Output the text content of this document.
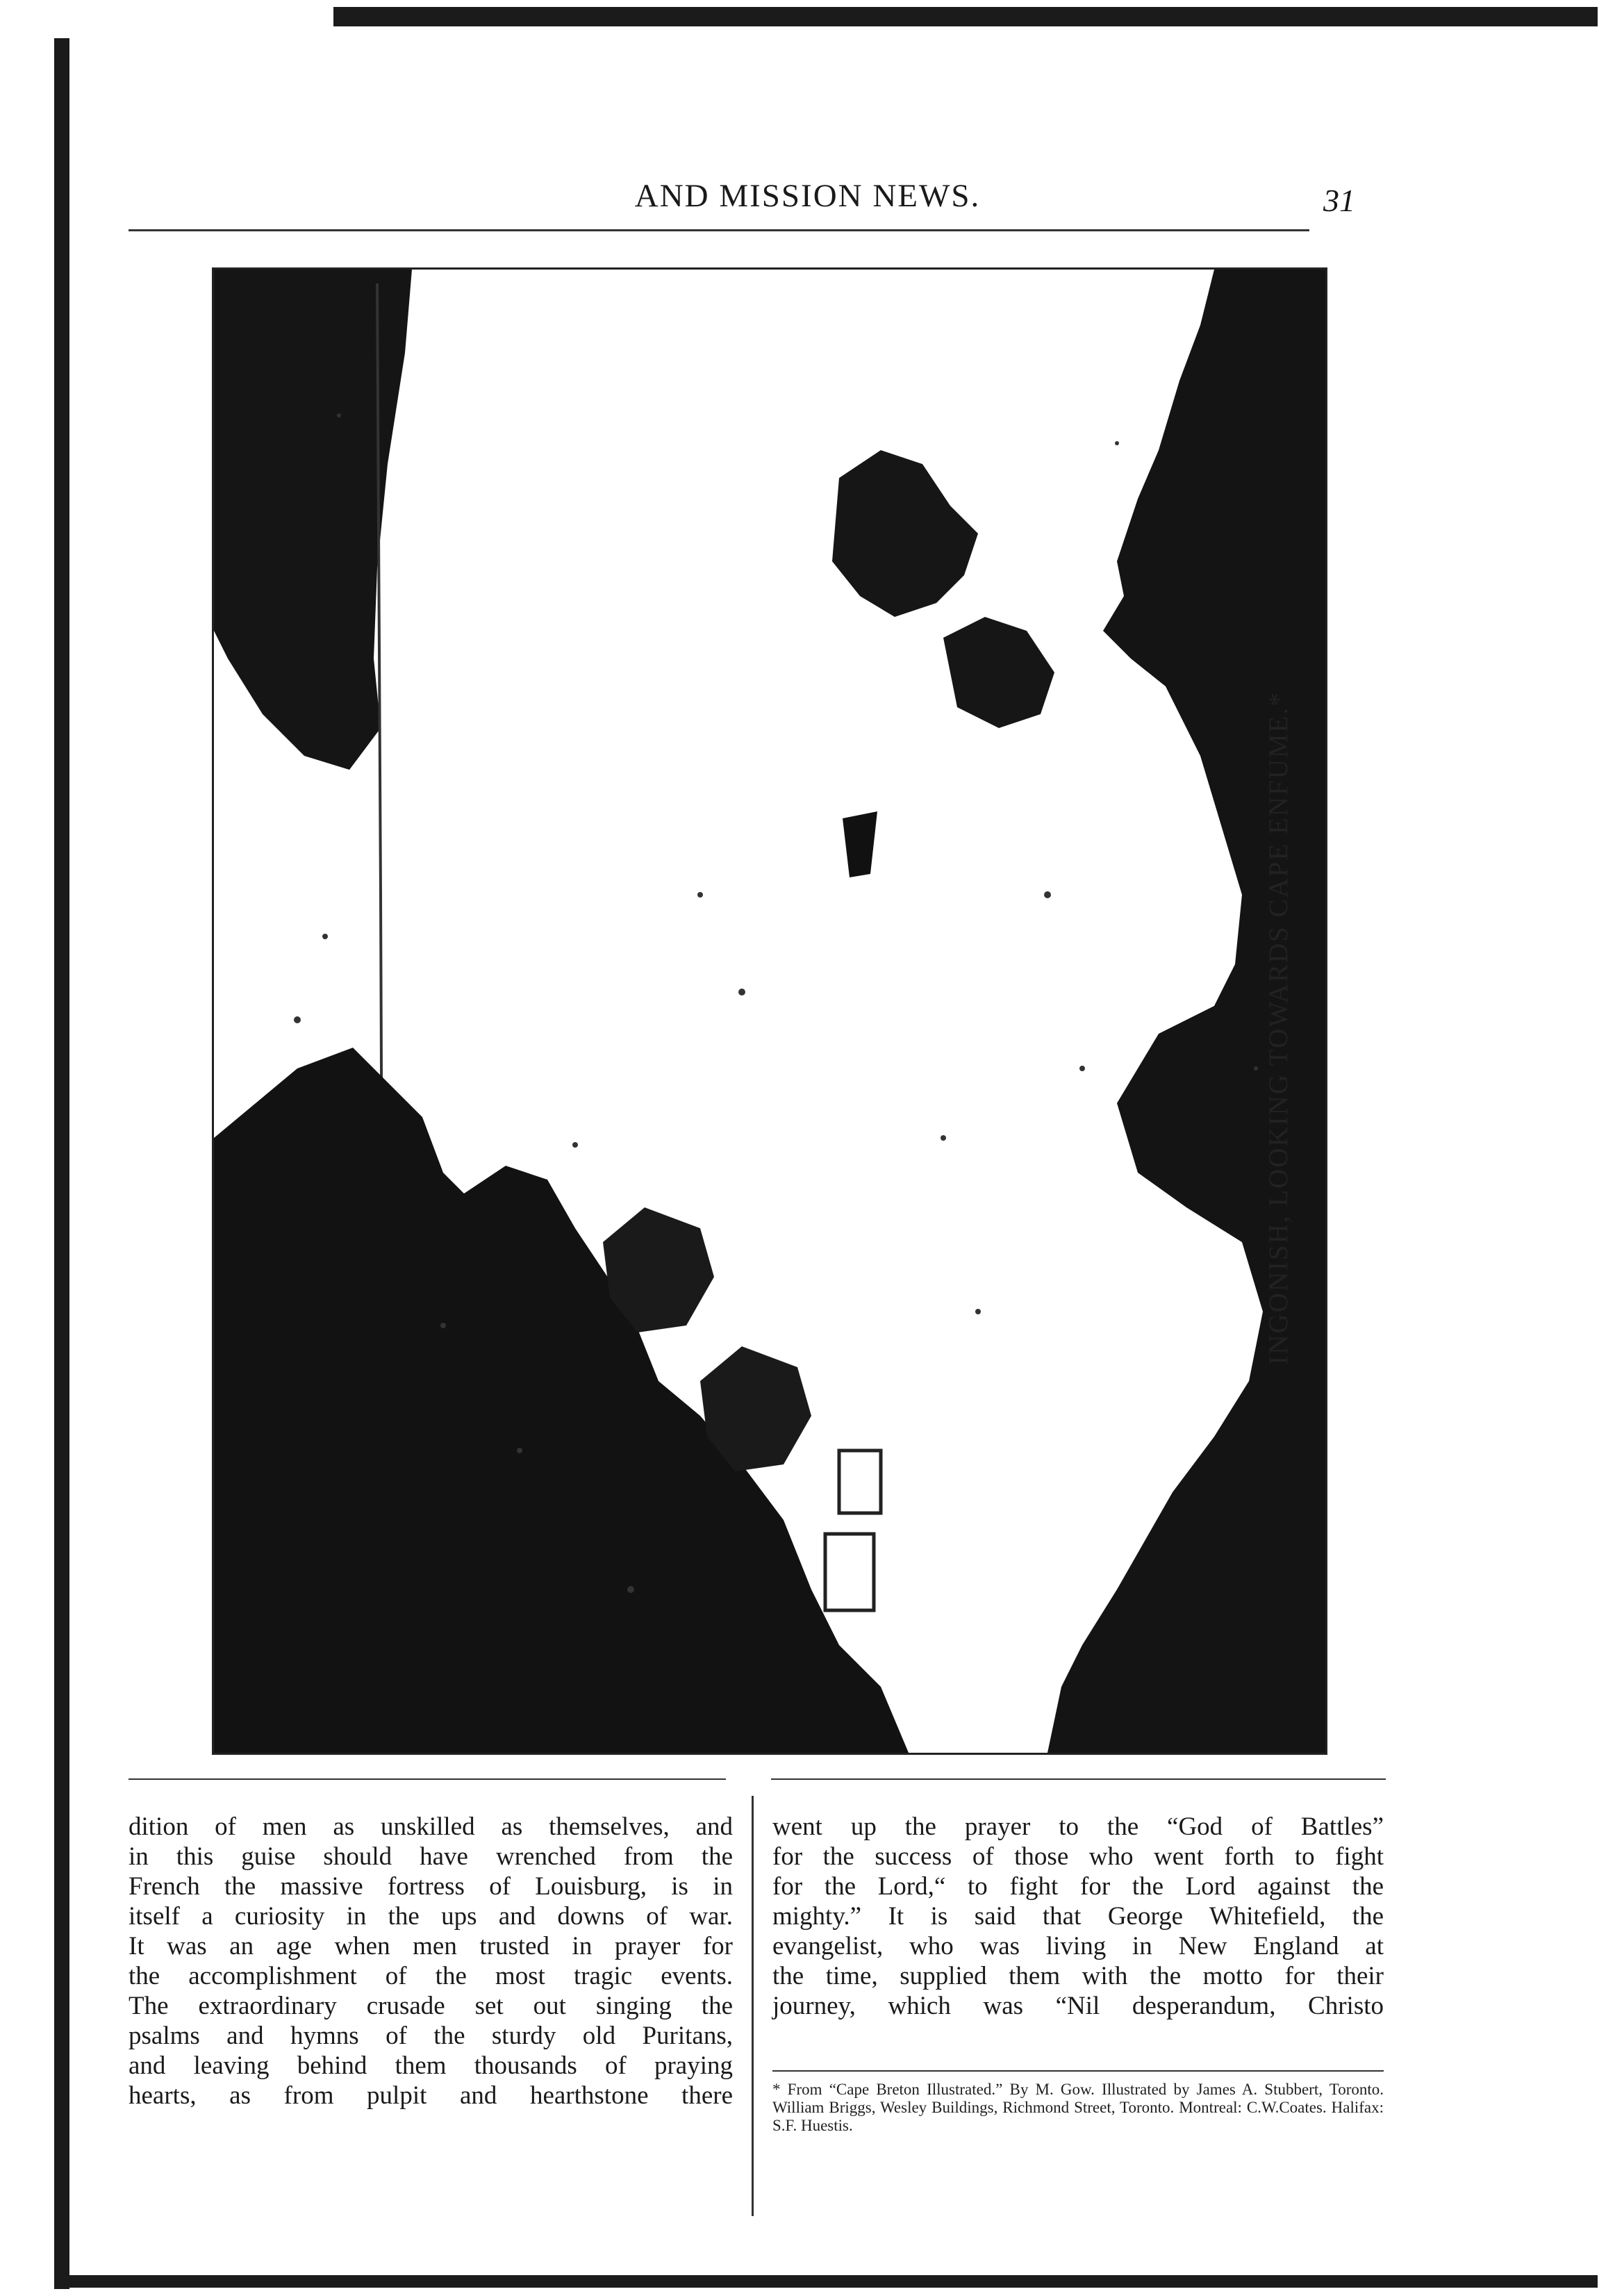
AND MISSION NEWS.	31
INGONISH, LOOKING TOWARDS CAPE ENFUME.*
dition of men as unskilled as themselves, and
in this guise should have wrenched from the
French the massive fortress of Louisburg, is in
itself a curiosity in the ups and downs of war.
It was an age when men trusted in prayer for
the accomplishment of the most tragic events.
The extraordinary crusade set out singing the
psalms and hymns of the sturdy old Puritans,
and leaving behind them thousands of praying
hearts, as from pulpit and hearthstone there
went up the prayer to the “God of Battles”
for the success of those who went forth to fight
for the Lord,“ to fight for the Lord against the
mighty.” It is said that George Whitefield, the
evangelist, who was living in New England at
the time, supplied them with the motto for their
journey, which was “Nil desperandum, Christo
* From “Cape Breton Illustrated.” By M. Gow. Illustrated by James A. Stubbert, Toronto. William Briggs, Wesley Buildings, Richmond Street, Toronto. Montreal: C.W.Coates. Halifax: S.F. Huestis.
